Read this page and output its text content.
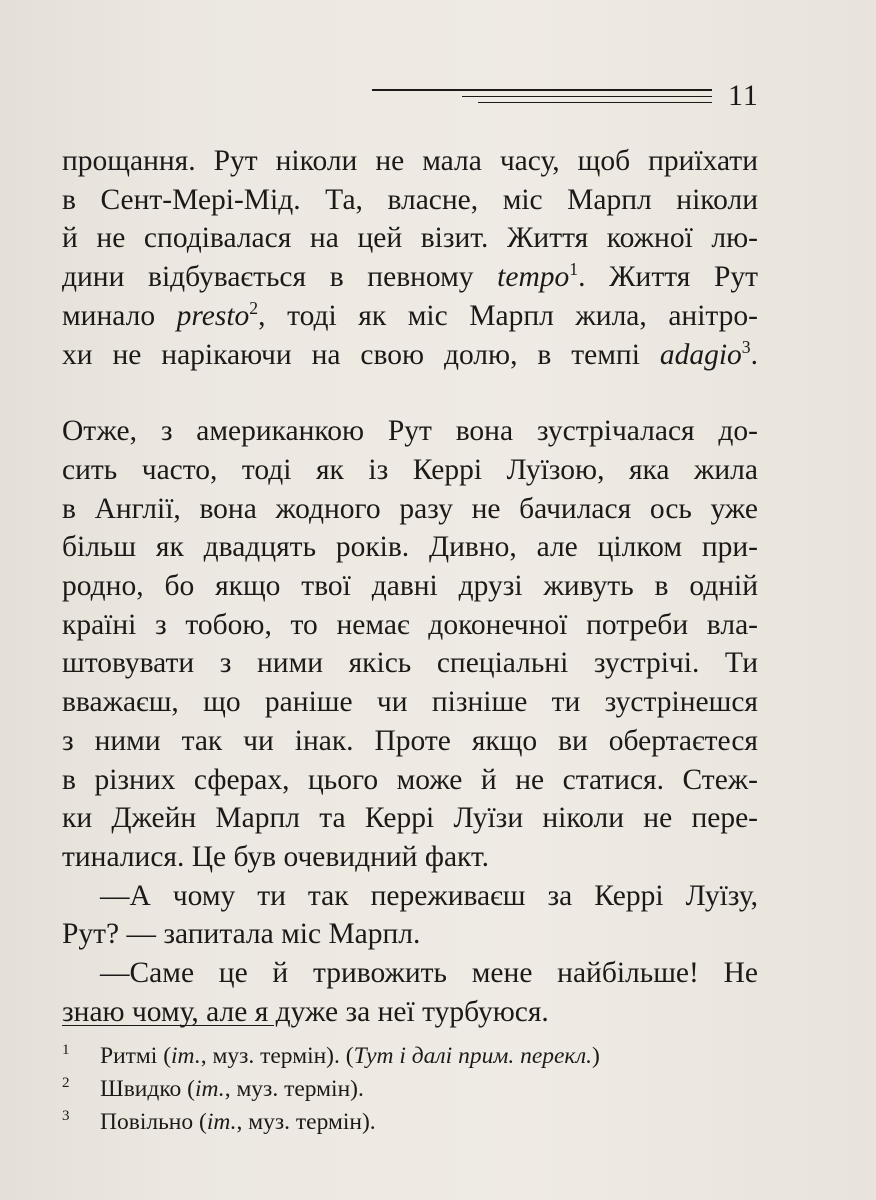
11
прощання. Рут ніколи не мала часу, щоб приїхати
в Сент-Мері-Мід. Та, власне, міс Марпл ніколи
й не сподівалася на цей візит. Життя кожної лю-
дини відбувається в певному tempo$^1$. Життя Рут
минало presto$^2$, тоді як міс Марпл жила, анітро-
хи не нарікаючи на свою долю, в темпі adagio$^3$.
Отже, з американкою Рут вона зустрічалася до-
сить часто, тоді як із Керрі Луїзою, яка жила
в Англії, вона жодного разу не бачилася ось уже
більш як двадцять років. Дивно, але цілком при-
родно, бо якщо твої давні друзі живуть в одній
країні з тобою, то немає доконечної потреби вла-
штовувати з ними якісь спеціальні зустрічі. Ти
вважаєш, що раніше чи пізніше ти зустрінешся
з ними так чи інак. Проте якщо ви обертаєтеся
в різних сферах, цього може й не статися. Стеж-
ки Джейн Марпл та Керрі Луїзи ніколи не пере-
тиналися. Це був очевидний факт.
—А чому ти так переживаєш за Керрі Луїзу,
Рут? — запитала міс Марпл.
—Саме це й тривожить мене найбільше! Не
знаю чому, але я дуже за неї турбуюся.
1 Ритмі (іт., муз. термін). (Тут і далі прим. перекл.)
2 Швидко (іт., муз. термін).
3 Повільно (іт., муз. термін).
